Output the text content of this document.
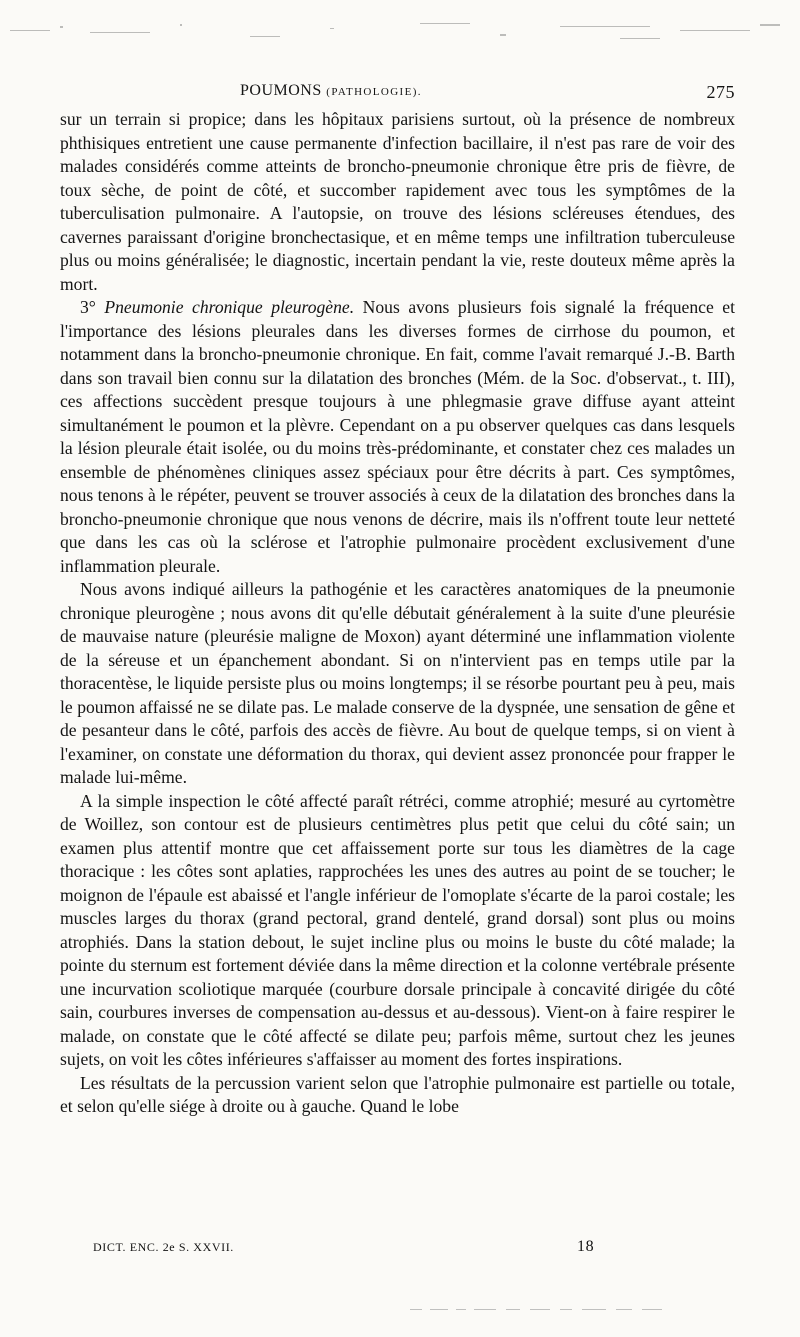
POUMONS (PATHOLOGIE).	275

sur un terrain si propice; dans les hôpitaux parisiens surtout, où la présence de nombreux phthisiques entretient une cause permanente d'infection bacillaire, il n'est pas rare de voir des malades considérés comme atteints de broncho-pneumonie chronique être pris de fièvre, de toux sèche, de point de côté, et succomber rapidement avec tous les symptômes de la tuberculisation pulmonaire. A l'autopsie, on trouve des lésions scléreuses étendues, des cavernes paraissant d'origine bronchectasique, et en même temps une infiltration tuberculeuse plus ou moins généralisée; le diagnostic, incertain pendant la vie, reste douteux même après la mort.

3° Pneumonie chronique pleurogène. Nous avons plusieurs fois signalé la fréquence et l'importance des lésions pleurales dans les diverses formes de cirrhose du poumon, et notamment dans la broncho-pneumonie chronique. En fait, comme l'avait remarqué J.-B. Barth dans son travail bien connu sur la dilatation des bronches (Mém. de la Soc. d'observat., t. III), ces affections succèdent presque toujours à une phlegmasie grave diffuse ayant atteint simultanément le poumon et la plèvre. Cependant on a pu observer quelques cas dans lesquels la lésion pleurale était isolée, ou du moins très-prédominante, et constater chez ces malades un ensemble de phénomènes cliniques assez spéciaux pour être décrits à part. Ces symptômes, nous tenons à le répéter, peuvent se trouver associés à ceux de la dilatation des bronches dans la broncho-pneumonie chronique que nous venons de décrire, mais ils n'offrent toute leur netteté que dans les cas où la sclérose et l'atrophie pulmonaire procèdent exclusivement d'une inflammation pleurale.

Nous avons indiqué ailleurs la pathogénie et les caractères anatomiques de la pneumonie chronique pleurogène ; nous avons dit qu'elle débutait généralement à la suite d'une pleurésie de mauvaise nature (pleurésie maligne de Moxon) ayant déterminé une inflammation violente de la séreuse et un épanchement abondant. Si on n'intervient pas en temps utile par la thoracentèse, le liquide persiste plus ou moins longtemps; il se résorbe pourtant peu à peu, mais le poumon affaissé ne se dilate pas. Le malade conserve de la dyspnée, une sensation de gêne et de pesanteur dans le côté, parfois des accès de fièvre. Au bout de quelque temps, si on vient à l'examiner, on constate une déformation du thorax, qui devient assez prononcée pour frapper le malade lui-même.

A la simple inspection le côté affecté paraît rétréci, comme atrophié; mesuré au cyrtomètre de Woillez, son contour est de plusieurs centimètres plus petit que celui du côté sain; un examen plus attentif montre que cet affaissement porte sur tous les diamètres de la cage thoracique : les côtes sont aplaties, rapprochées les unes des autres au point de se toucher; le moignon de l'épaule est abaissé et l'angle inférieur de l'omoplate s'écarte de la paroi costale; les muscles larges du thorax (grand pectoral, grand dentelé, grand dorsal) sont plus ou moins atrophiés. Dans la station debout, le sujet incline plus ou moins le buste du côté malade; la pointe du sternum est fortement déviée dans la même direction et la colonne vertébrale présente une incurvation scoliotique marquée (courbure dorsale principale à concavité dirigée du côté sain, courbures inverses de compensation au-dessus et au-dessous). Vient-on à faire respirer le malade, on constate que le côté affecté se dilate peu; parfois même, surtout chez les jeunes sujets, on voit les côtes inférieures s'affaisser au moment des fortes inspirations.

Les résultats de la percussion varient selon que l'atrophie pulmonaire est partielle ou totale, et selon qu'elle siége à droite ou à gauche. Quand le lobe

DICT. ENC. 2e S. XXVII.	18
